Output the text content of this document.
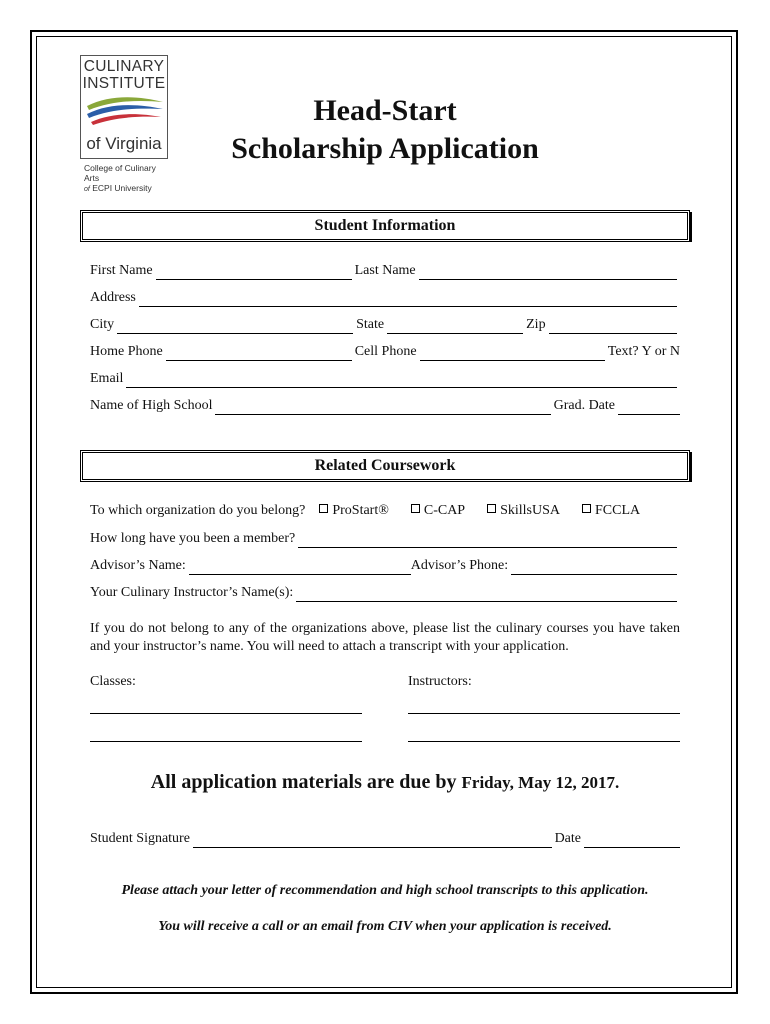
CULINARY
INSTITUTE
of Virginia
College of Culinary Arts
of ECPI University
Head-Start
Scholarship Application
Student Information
First Name	Last Name
Address
City	State	Zip
Home Phone	Cell Phone	Text? Y or N
Email
Name of High School	Grad. Date
Related Coursework
To which organization do you belong?	ProStart®	C-CAP	SkillsUSA	FCCLA
How long have you been a member?
Advisor’s Name:	Advisor’s Phone:
Your Culinary Instructor’s Name(s):
If you do not belong to any of the organizations above, please list the culinary courses you have taken and your instructor’s name. You will need to attach a transcript with your application.
Classes:	Instructors:
All application materials are due by Friday, May 12, 2017.
Student Signature	Date
Please attach your letter of recommendation and high school transcripts to this application.
You will receive a call or an email from CIV when your application is received.
